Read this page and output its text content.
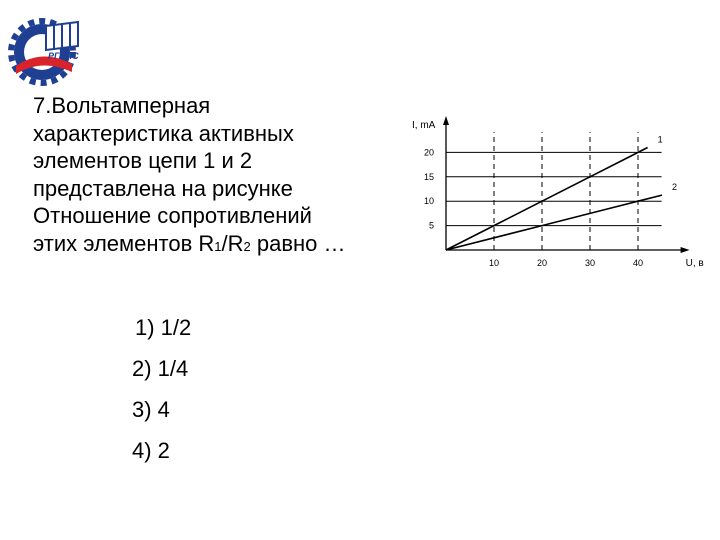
РГУПС
7.Вольтамперная
характеристика активных
элементов цепи 1 и 2
представлена на рисунке
Отношение сопротивлений
этих элементов R1/R2 равно …
1) 1/2
2) 1/4
3) 4
4) 2
10	20	30	40
5
10
15
20
I, mA
U, в
1
2
